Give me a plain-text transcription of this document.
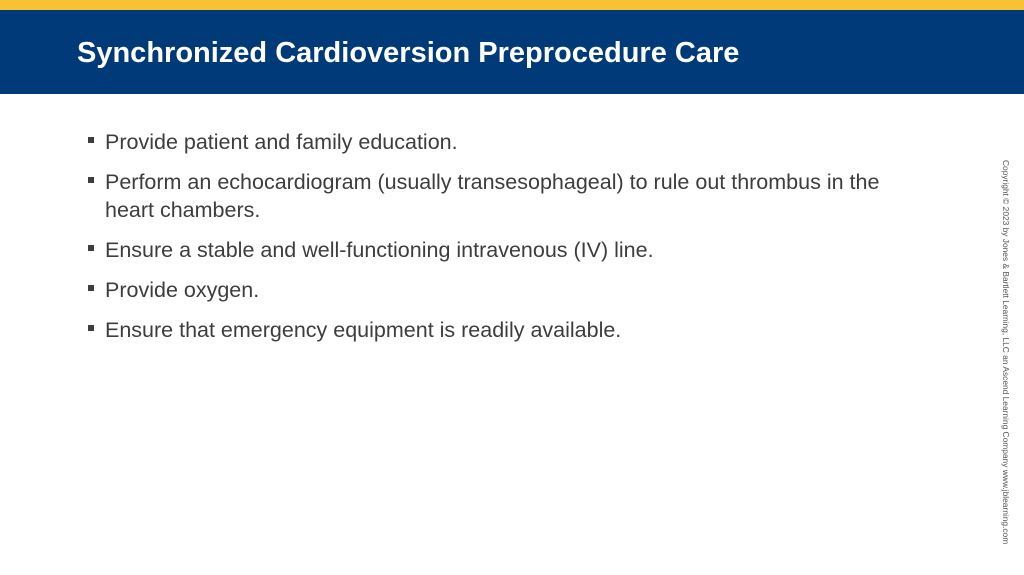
Synchronized Cardioversion Preprocedure Care
Provide patient and family education.
Perform an echocardiogram (usually transesophageal) to rule out thrombus in the heart chambers.
Ensure a stable and well-functioning intravenous (IV) line.
Provide oxygen.
Ensure that emergency equipment is readily available.	Copyright © 2023 by Jones & Bartlett Learning, LLC an Ascend Learning Company www.jblearning.com
